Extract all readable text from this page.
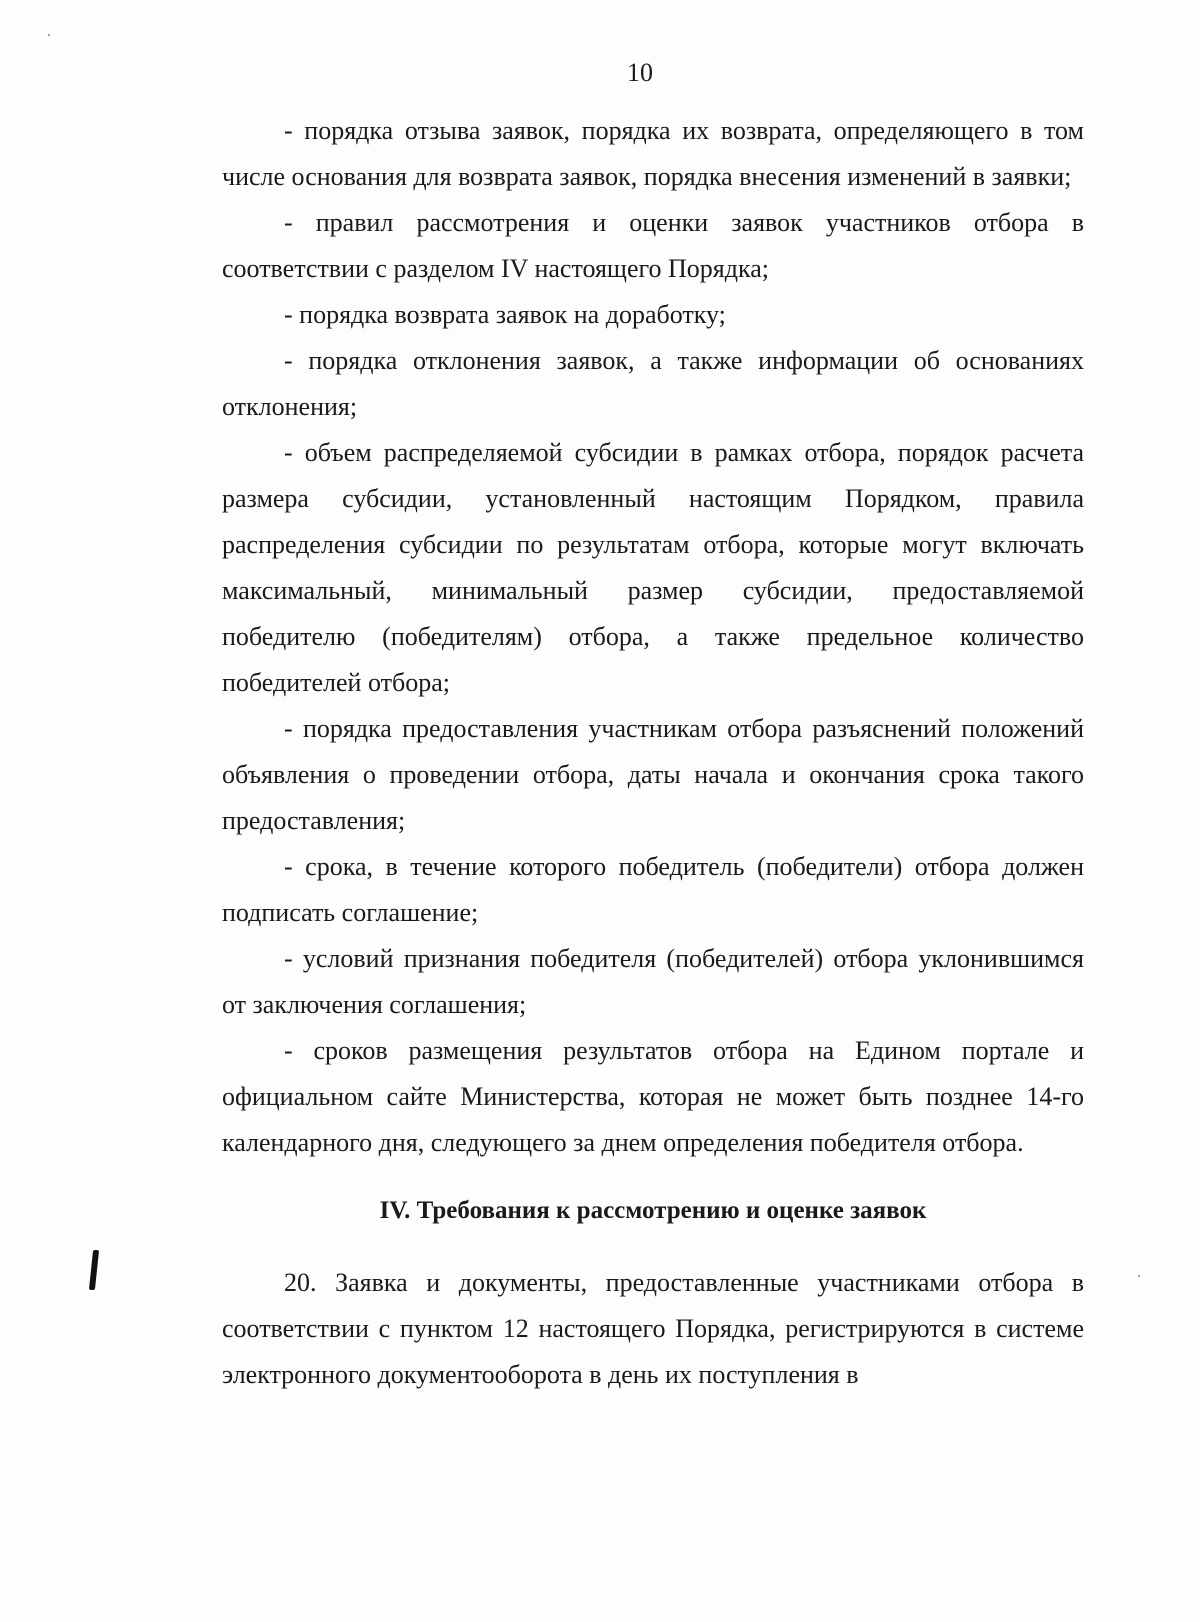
10

- порядка отзыва заявок, порядка их возврата, определяющего в том числе основания для возврата заявок, порядка внесения изменений в заявки;

- правил рассмотрения и оценки заявок участников отбора в соответствии с разделом IV настоящего Порядка;

- порядка возврата заявок на доработку;

- порядка отклонения заявок, а также информации об основаниях отклонения;

- объем распределяемой субсидии в рамках отбора, порядок расчета размера субсидии, установленный настоящим Порядком, правила распределения субсидии по результатам отбора, которые могут включать максимальный, минимальный размер субсидии, предоставляемой победителю (победителям) отбора, а также предельное количество победителей отбора;

- порядка предоставления участникам отбора разъяснений положений объявления о проведении отбора, даты начала и окончания срока такого предоставления;

- срока, в течение которого победитель (победители) отбора должен подписать соглашение;

- условий признания победителя (победителей) отбора уклонившимся от заключения соглашения;

- сроков размещения результатов отбора на Едином портале и официальном сайте Министерства, которая не может быть позднее 14-го календарного дня, следующего за днем определения победителя отбора.

IV. Требования к рассмотрению и оценке заявок

20. Заявка и документы, предоставленные участниками отбора в соответствии с пунктом 12 настоящего Порядка, регистрируются в системе электронного документооборота в день их поступления в
